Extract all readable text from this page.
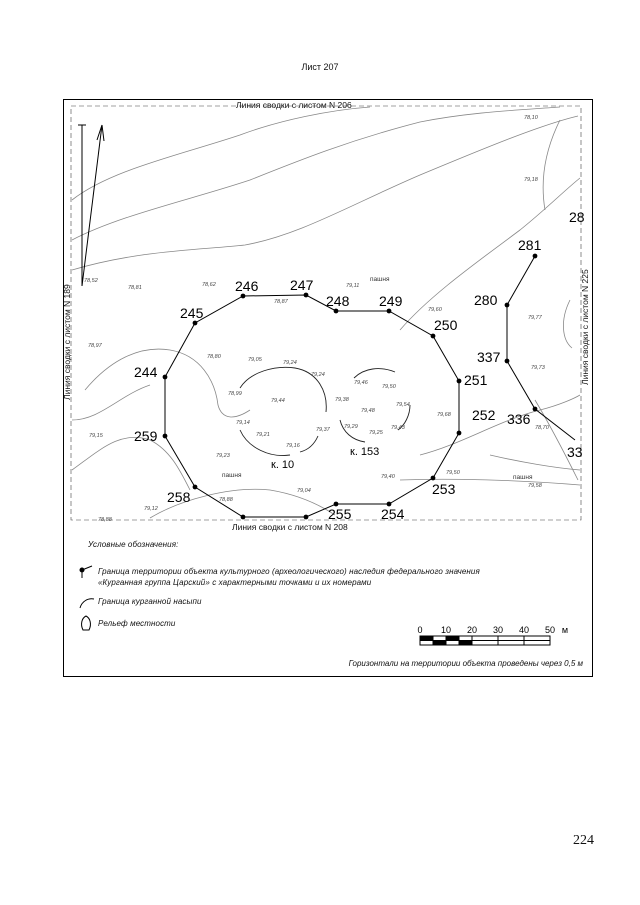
Лист 207
244
245
246 247
248 249
250
251
252
253
254
255
258
259
280
281
336
337
28
33
к. 10
к. 153
пашня
пашня	пашня
78,10
79,18
78,52
78,81	78,62
78,87
79,11
79,60
79,77
78,97
78,80	79,05	79,24
79,24
78,99
79,44
79,46
79,38
79,50
79,54
79,48
79,68
79,73
79,15
79,14
79,21
79,16
79,37	79,29
79,25
79,43	78,70
79,23
79,04
79,40
79,50
79,58
79,12
78,88
78,88
0 10 20 30 40 50 м
Линия сводки с листом N 206
Линия сводки с листом N 208
Линия сводки с листом N 189	Линия сводки с листом N 225
Условные обозначения:
Граница территории объекта культурного (археологического) наследия федерального значения
«Курганная группа Царский» с характерными точками и их номерами
Граница курганной насыпи
Рельеф местности
Горизонтали на территории объекта проведены через 0,5 м
224
